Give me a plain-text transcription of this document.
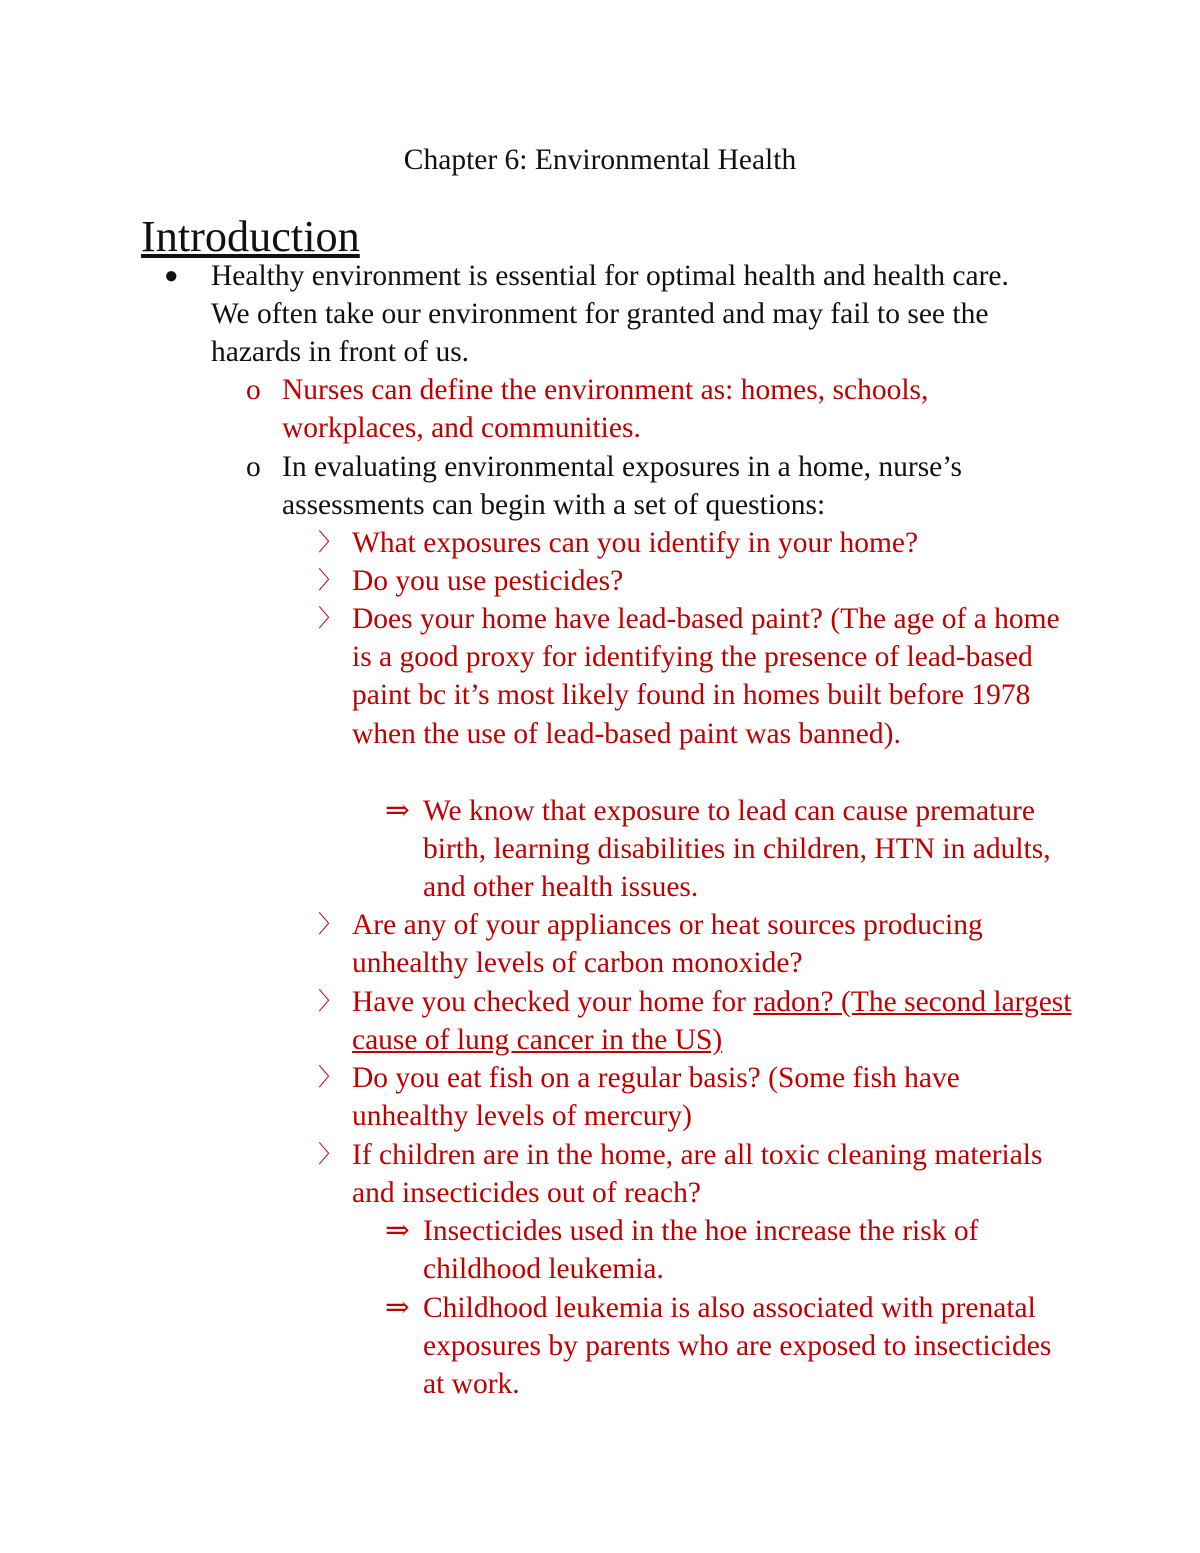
Chapter 6: Environmental Health
Introduction
● Healthy environment is essential for optimal health and health care. We often take our environment for granted and may fail to see the hazards in front of us.
o Nurses can define the environment as: homes, schools, workplaces, and communities.
o In evaluating environmental exposures in a home, nurse’s assessments can begin with a set of questions:
〉 What exposures can you identify in your home?
〉 Do you use pesticides?
〉 Does your home have lead-based paint? (The age of a home is a good proxy for identifying the presence of lead-based paint bc it’s most likely found in homes built before 1978 when the use of lead-based paint was banned).
⇒ We know that exposure to lead can cause premature birth, learning disabilities in children, HTN in adults, and other health issues.
〉 Are any of your appliances or heat sources producing unhealthy levels of carbon monoxide?
〉 Have you checked your home for radon? (The second largest cause of lung cancer in the US)
〉 Do you eat fish on a regular basis? (Some fish have unhealthy levels of mercury)
〉 If children are in the home, are all toxic cleaning materials and insecticides out of reach?
⇒ Insecticides used in the hoe increase the risk of childhood leukemia.
⇒ Childhood leukemia is also associated with prenatal exposures by parents who are exposed to insecticides at work.
